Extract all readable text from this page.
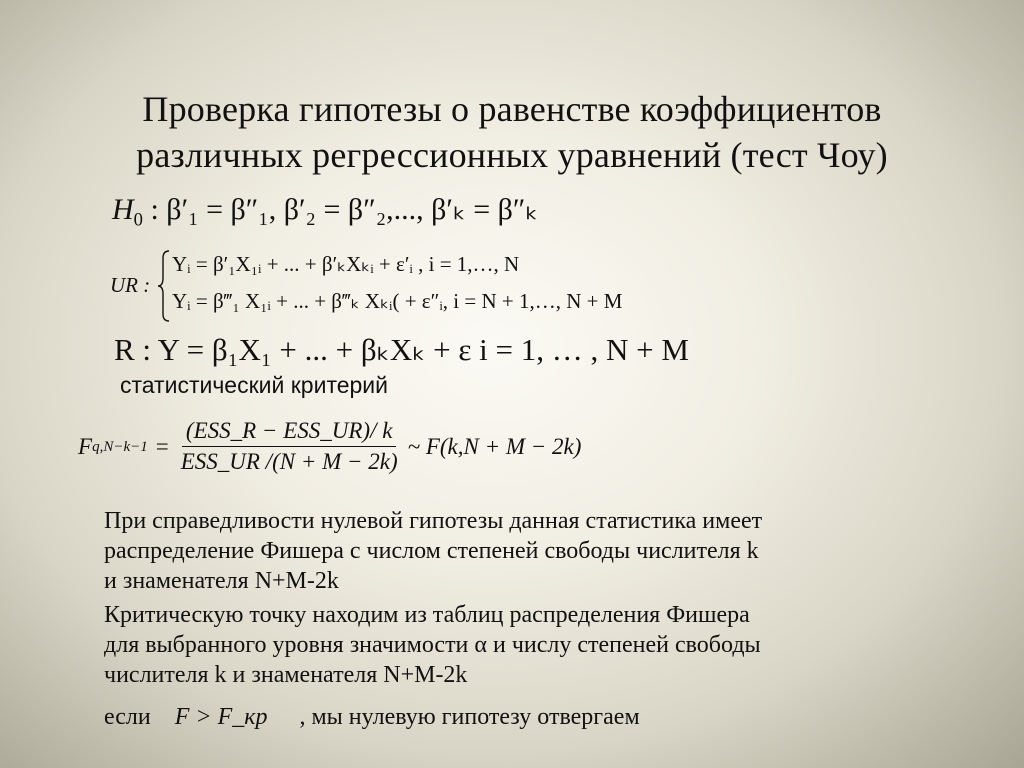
Проверка гипотезы о равенстве коэффициентов
различных регрессионных уравнений (тест Чоу)
$H_0$ : β′₁ = β″₁, β′₂ = β″₂,..., β′ₖ = β″ₖ
UR :
Yᵢ = β′₁X₁ᵢ + ... + β′ₖXₖᵢ + ε′ᵢ , i = 1,…, N
Yᵢ = β‴₁ X₁ᵢ + ... + β‴ₖ Xₖᵢ( + ε″ᵢ, i = N + 1,…, N + M
R : Y = β₁X₁ + ... + βₖXₖ + ε i = 1, … , N + M
статистический критерий
F $q,N-k-1 = \frac{\text{(ESS\_R − ESS\_UR)/ k}}{\text{ESS\_UR /(N + M − 2k)}}$ ~ F(k,N + M − 2k)
При справедливости нулевой гипотезы данная статистика имеет
распределение Фишера с числом степеней свободы числителя k
и знаменателя N+M-2k
Критическую точку находим из таблиц распределения Фишера
для выбранного уровня значимости α и числу степеней свободы
числителя k и знаменателя N+M-2k
если F > F_кр , мы нулевую гипотезу отвергаем
